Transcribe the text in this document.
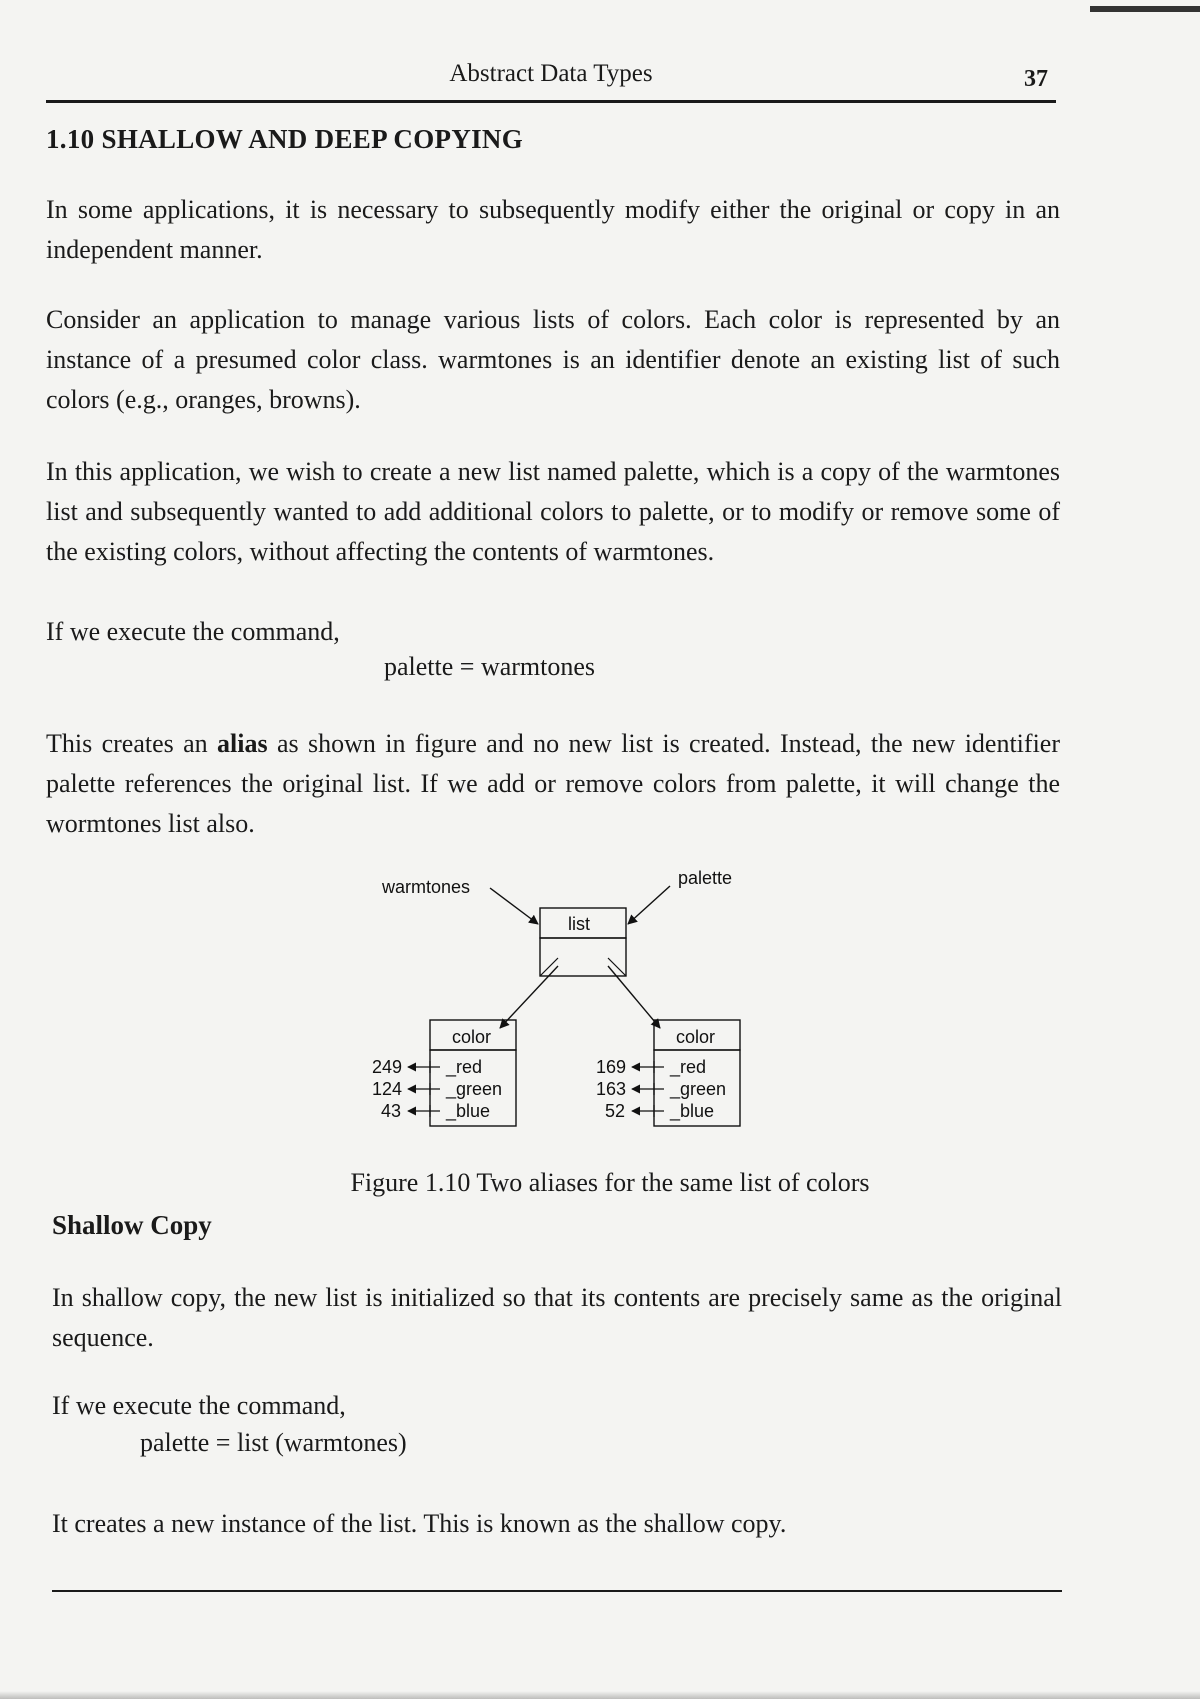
Abstract Data Types	37
1.10 SHALLOW AND DEEP COPYING

In some applications, it is necessary to subsequently modify either the original or copy in an independent manner.

Consider an application to manage various lists of colors. Each color is represented by an instance of a presumed color class. warmtones is an identifier denote an existing list of such colors (e.g., oranges, browns).

In this application, we wish to create a new list named palette, which is a copy of the warmtones list and subsequently wanted to add additional colors to palette, or to modify or remove some of the existing colors, without affecting the contents of warmtones.

If we execute the command,

palette = warmtones

This creates an alias as shown in figure and no new list is created. Instead, the new identifier palette references the original list. If we add or remove colors from palette, it will change the wormtones list also.

warmtones	palette
list
color
_red
_green
_blue
249
124
43
color
_red
_green
_blue
169
163
52
Figure 1.10 Two aliases for the same list of colors
Shallow Copy

In shallow copy, the new list is initialized so that its contents are precisely same as the original sequence.

If we execute the command,

palette = list (warmtones)

It creates a new instance of the list. This is known as the shallow copy.
